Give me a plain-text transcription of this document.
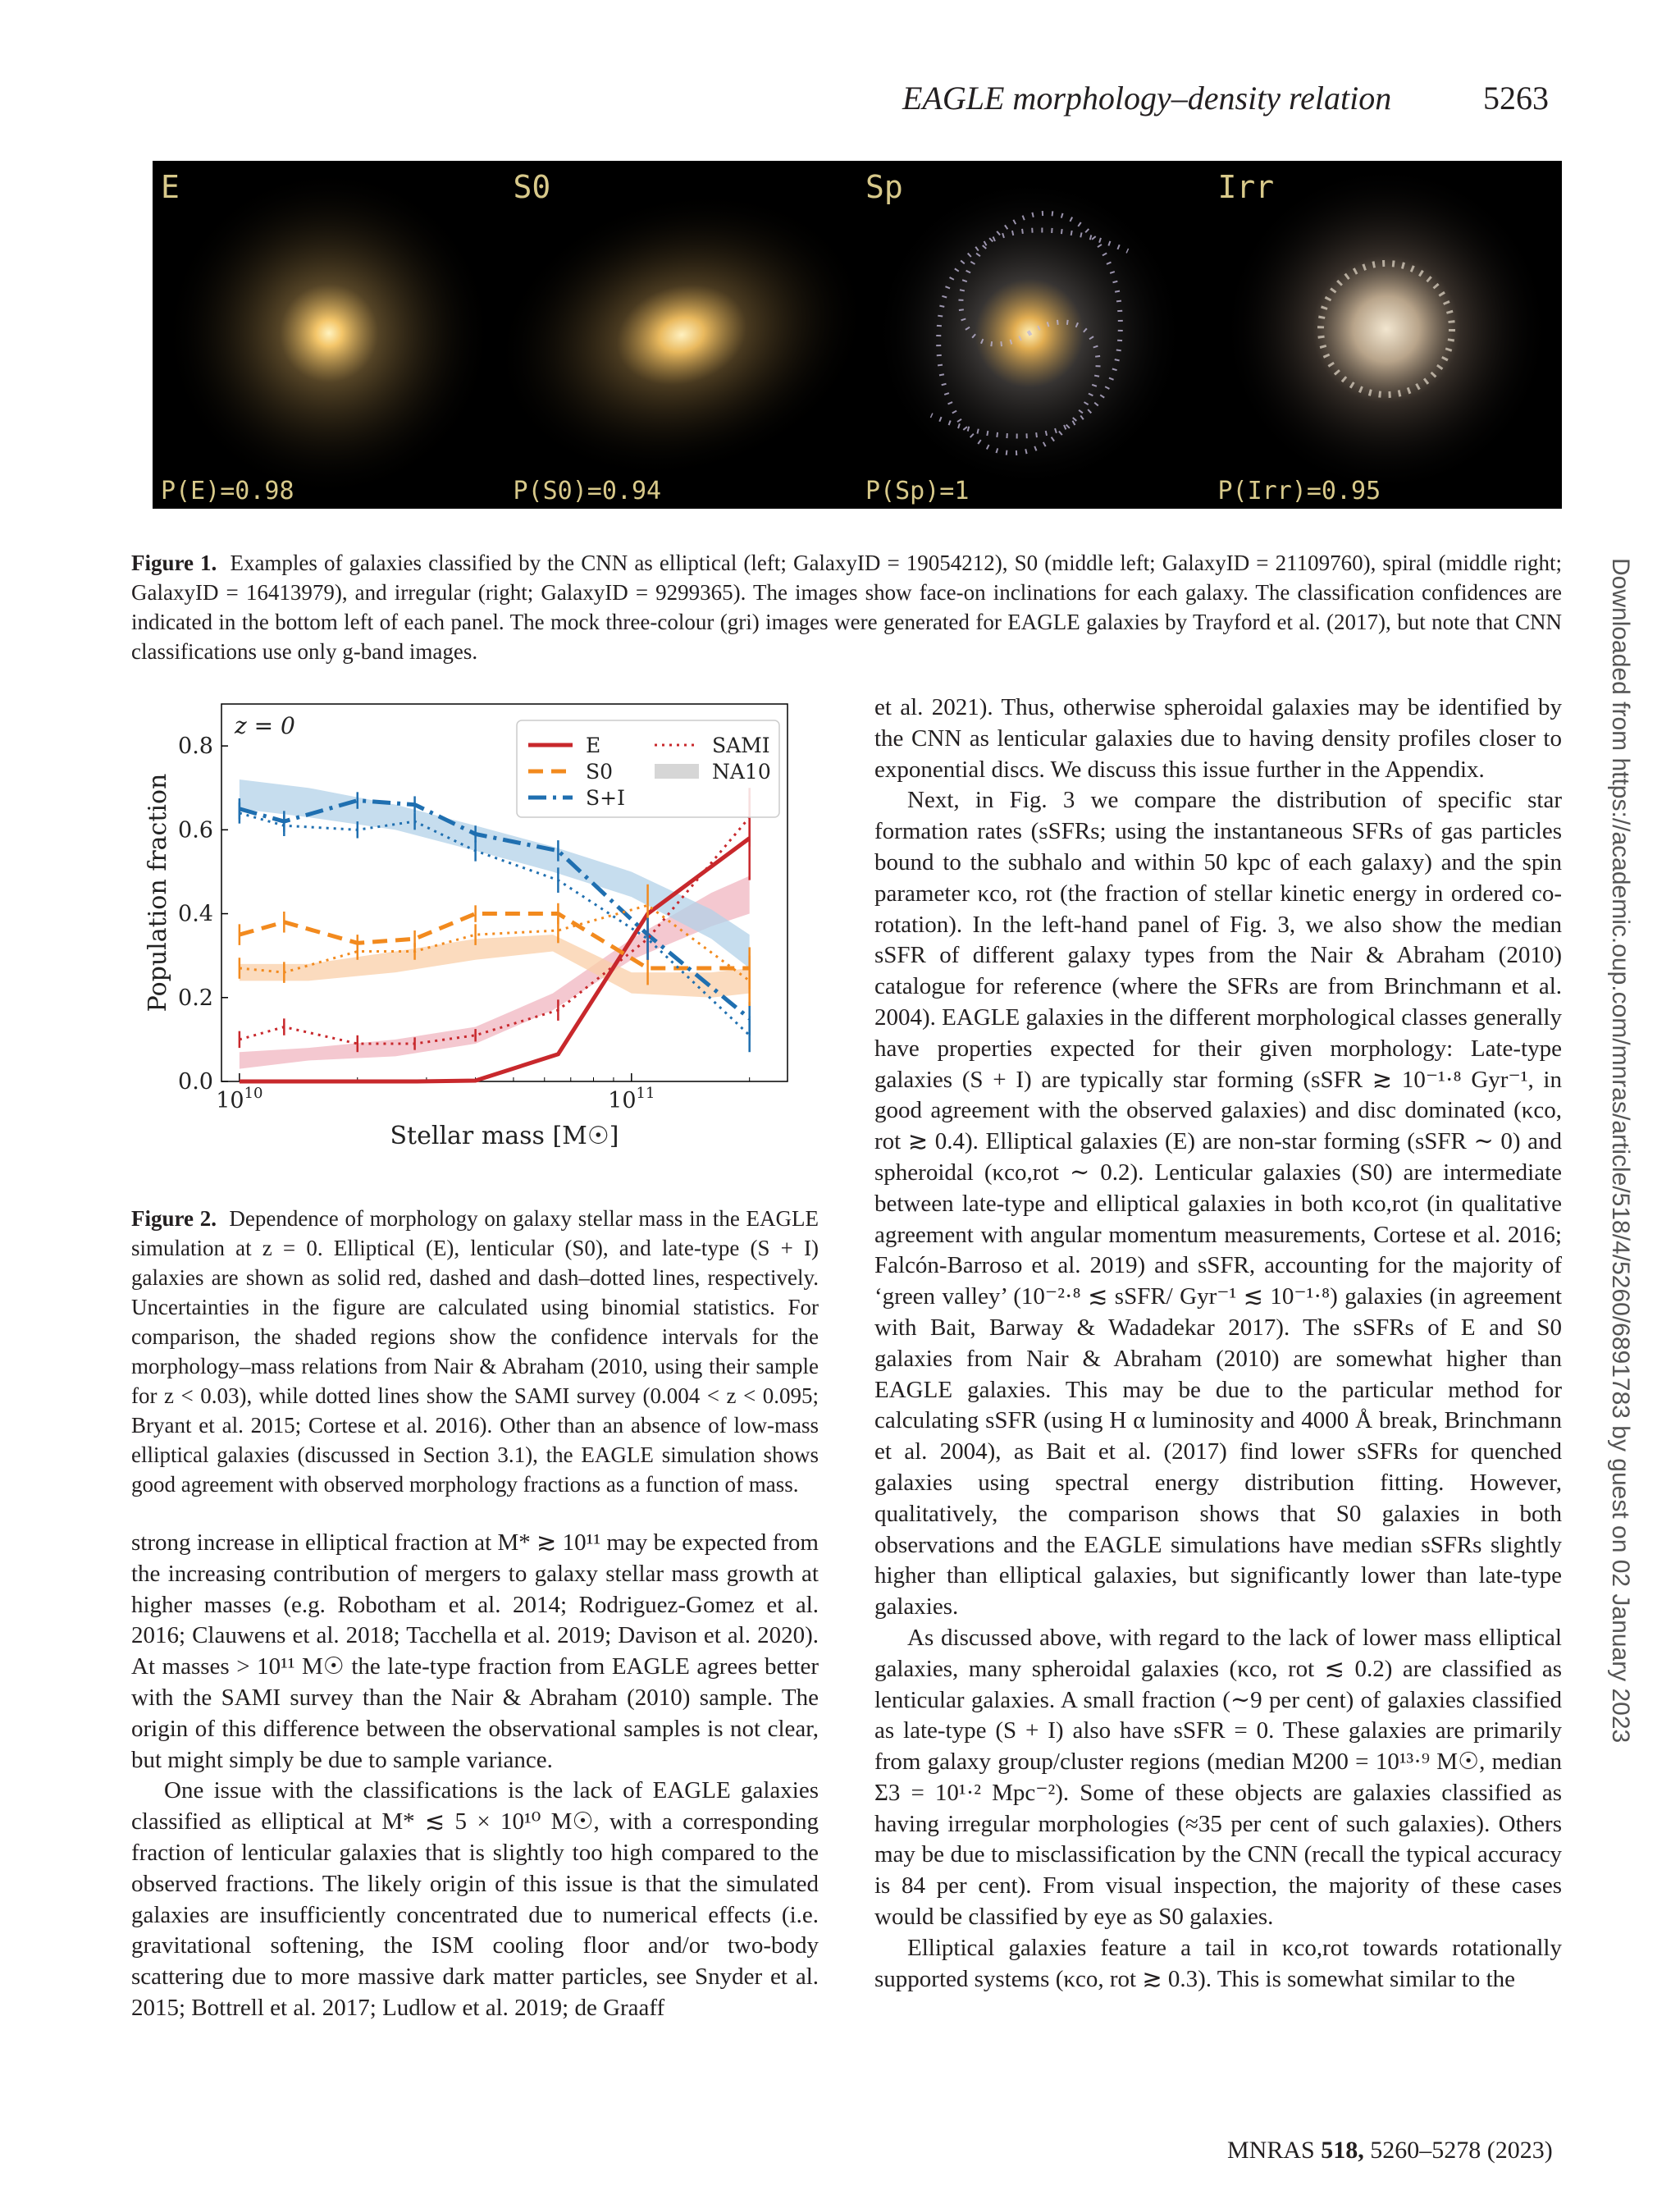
EAGLE morphology–density relation	5263
E
P(E)=0.98
S0
P(S0)=0.94
Sp
P(Sp)=1
Irr
P(Irr)=0.95
Figure 1. Examples of galaxies classified by the CNN as elliptical (left; GalaxyID = 19054212), S0 (middle left; GalaxyID = 21109760), spiral (middle right; GalaxyID = 16413979), and irregular (right; GalaxyID = 9299365). The images show face-on inclinations for each galaxy. The classification confidences are indicated in the bottom left of each panel. The mock three-colour (gri) images were generated for EAGLE galaxies by Trayford et al. (2017), but note that CNN classifications use only g-band images.
0.0
0.2
0.4
0.6
0.8
$10^{10}$	$10^{11}$
Stellar mass [M☉]
Population fraction
z = 0
E
S0
S+I
SAMI
NA10
Figure 2. Dependence of morphology on galaxy stellar mass in the EAGLE simulation at z = 0. Elliptical (E), lenticular (S0), and late-type (S + I) galaxies are shown as solid red, dashed and dash–dotted lines, respectively. Uncertainties in the figure are calculated using binomial statistics. For comparison, the shaded regions show the confidence intervals for the morphology–mass relations from Nair & Abraham (2010, using their sample for z < 0.03), while dotted lines show the SAMI survey (0.004 < z < 0.095; Bryant et al. 2015; Cortese et al. 2016). Other than an absence of low-mass elliptical galaxies (discussed in Section 3.1), the EAGLE simulation shows good agreement with observed morphology fractions as a function of mass.

strong increase in elliptical fraction at M* ≳ 10¹¹ may be expected from the increasing contribution of mergers to galaxy stellar mass growth at higher masses (e.g. Robotham et al. 2014; Rodriguez-Gomez et al. 2016; Clauwens et al. 2018; Tacchella et al. 2019; Davison et al. 2020). At masses > 10¹¹ M☉ the late-type fraction from EAGLE agrees better with the SAMI survey than the Nair & Abraham (2010) sample. The origin of this difference between the observational samples is not clear, but might simply be due to sample variance.

One issue with the classifications is the lack of EAGLE galaxies classified as elliptical at M* ≲ 5 × 10¹⁰ M☉, with a corresponding fraction of lenticular galaxies that is slightly too high compared to the observed fractions. The likely origin of this issue is that the simulated galaxies are insufficiently concentrated due to numerical effects (i.e. gravitational softening, the ISM cooling floor and/or two-body scattering due to more massive dark matter particles, see Snyder et al. 2015; Bottrell et al. 2017; Ludlow et al. 2019; de Graaff

et al. 2021). Thus, otherwise spheroidal galaxies may be identified by the CNN as lenticular galaxies due to having density profiles closer to exponential discs. We discuss this issue further in the Appendix.

Next, in Fig. 3 we compare the distribution of specific star formation rates (sSFRs; using the instantaneous SFRs of gas particles bound to the subhalo and within 50 kpc of each galaxy) and the spin parameter κco, rot (the fraction of stellar kinetic energy in ordered co-rotation). In the left-hand panel of Fig. 3, we also show the median sSFR of different galaxy types from the Nair & Abraham (2010) catalogue for reference (where the SFRs are from Brinchmann et al. 2004). EAGLE galaxies in the different morphological classes generally have properties expected for their given morphology: Late-type galaxies (S + I) are typically star forming (sSFR ≳ 10⁻¹·⁸ Gyr⁻¹, in good agreement with the observed galaxies) and disc dominated (κco, rot ≳ 0.4). Elliptical galaxies (E) are non-star forming (sSFR ∼ 0) and spheroidal (κco,rot ∼ 0.2). Lenticular galaxies (S0) are intermediate between late-type and elliptical galaxies in both κco,rot (in qualitative agreement with angular momentum measurements, Cortese et al. 2016; Falcón-Barroso et al. 2019) and sSFR, accounting for the majority of ‘green valley’ (10⁻²·⁸ ≲ sSFR/ Gyr⁻¹ ≲ 10⁻¹·⁸) galaxies (in agreement with Bait, Barway & Wadadekar 2017). The sSFRs of E and S0 galaxies from Nair & Abraham (2010) are somewhat higher than EAGLE galaxies. This may be due to the particular method for calculating sSFR (using H α luminosity and 4000 Å break, Brinchmann et al. 2004), as Bait et al. (2017) find lower sSFRs for quenched galaxies using spectral energy distribution fitting. However, qualitatively, the comparison shows that S0 galaxies in both observations and the EAGLE simulations have median sSFRs slightly higher than elliptical galaxies, but significantly lower than late-type galaxies.

As discussed above, with regard to the lack of lower mass elliptical galaxies, many spheroidal galaxies (κco, rot ≲ 0.2) are classified as lenticular galaxies. A small fraction (∼9 per cent) of galaxies classified as late-type (S + I) also have sSFR = 0. These galaxies are primarily from galaxy group/cluster regions (median M200 = 10¹³·⁹ M☉, median Σ3 = 10¹·² Mpc⁻²). Some of these objects are galaxies classified as having irregular morphologies (≈35 per cent of such galaxies). Others may be due to misclassification by the CNN (recall the typical accuracy is 84 per cent). From visual inspection, the majority of these cases would be classified by eye as S0 galaxies.

Elliptical galaxies feature a tail in κco,rot towards rotationally supported systems (κco, rot ≳ 0.3). This is somewhat similar to the

Downloaded from https://academic.oup.com/mnras/article/518/4/5260/6891783 by guest on 02 January 2023
MNRAS 518, 5260–5278 (2023)
